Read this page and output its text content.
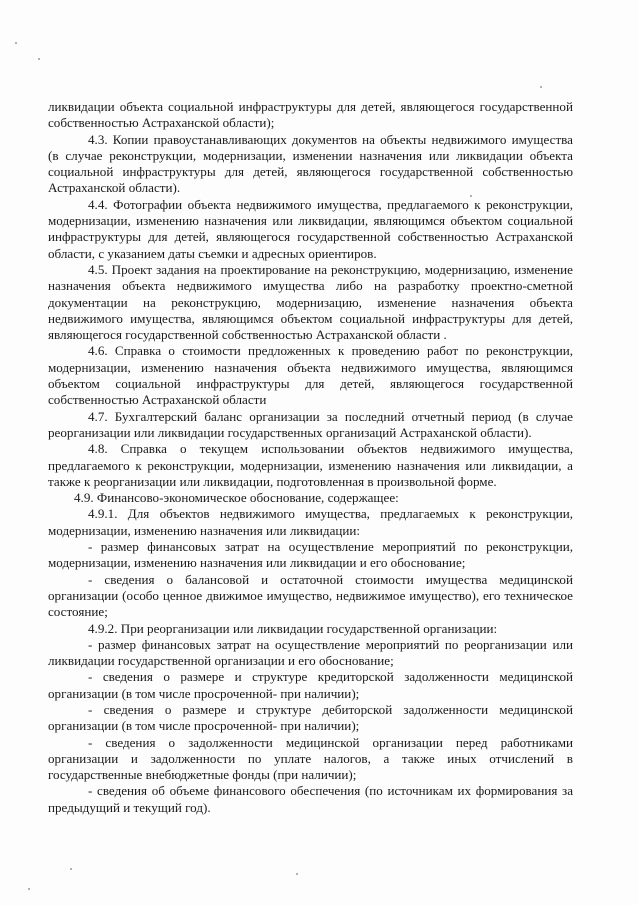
ликвидации объекта социальной инфраструктуры для детей, являющегося государственной собственностью Астраханской области);

4.3. Копии правоустанавливающих документов на объекты недвижимого имущества (в случае реконструкции, модернизации, изменении назначения или ликвидации объекта социальной инфраструктуры для детей, являющегося государственной собственностью Астраханской области).

4.4. Фотографии объекта недвижимого имущества, предлагаемого к реконструкции, модернизации, изменению назначения или ликвидации, являющимся объектом социальной инфраструктуры для детей, являющегося государственной собственностью Астраханской области, с указанием даты съемки и адресных ориентиров.

4.5. Проект задания на проектирование на реконструкцию, модернизацию, изменение назначения объекта недвижимого имущества либо на разработку проектно-сметной документации на реконструкцию, модернизацию, изменение назначения объекта недвижимого имущества, являющимся объектом социальной инфраструктуры для детей, являющегося государственной собственностью Астраханской области .

4.6. Справка о стоимости предложенных к проведению работ по реконструкции, модернизации, изменению назначения объекта недвижимого имущества, являющимся объектом социальной инфраструктуры для детей, являющегося государственной собственностью Астраханской области

4.7. Бухгалтерский баланс организации за последний отчетный период (в случае реорганизации или ликвидации государственных организаций Астраханской области).

4.8. Справка о текущем использовании объектов недвижимого имущества, предлагаемого к реконструкции, модернизации, изменению назначения или ликвидации, а также к реорганизации или ликвидации, подготовленная в произвольной форме.

4.9. Финансово-экономическое обоснование, содержащее:

4.9.1. Для объектов недвижимого имущества, предлагаемых к реконструкции, модернизации, изменению назначения или ликвидации:

- размер финансовых затрат на осуществление мероприятий по реконструкции, модернизации, изменению назначения или ликвидации и его обоснование;

- сведения о балансовой и остаточной стоимости имущества медицинской организации (особо ценное движимое имущество, недвижимое имущество), его техническое состояние;

4.9.2. При реорганизации или ликвидации государственной организации:

- размер финансовых затрат на осуществление мероприятий по реорганизации или ликвидации государственной организации и его обоснование;

- сведения о размере и структуре кредиторской задолженности медицинской организации (в том числе просроченной- при наличии);

- сведения о размере и структуре дебиторской задолженности медицинской организации (в том числе просроченной- при наличии);

- сведения о задолженности медицинской организации перед работниками организации и задолженности по уплате налогов, а также иных отчислений в государственные внебюджетные фонды (при наличии);

- сведения об объеме финансового обеспечения (по источникам их формирования за предыдущий и текущий год).
